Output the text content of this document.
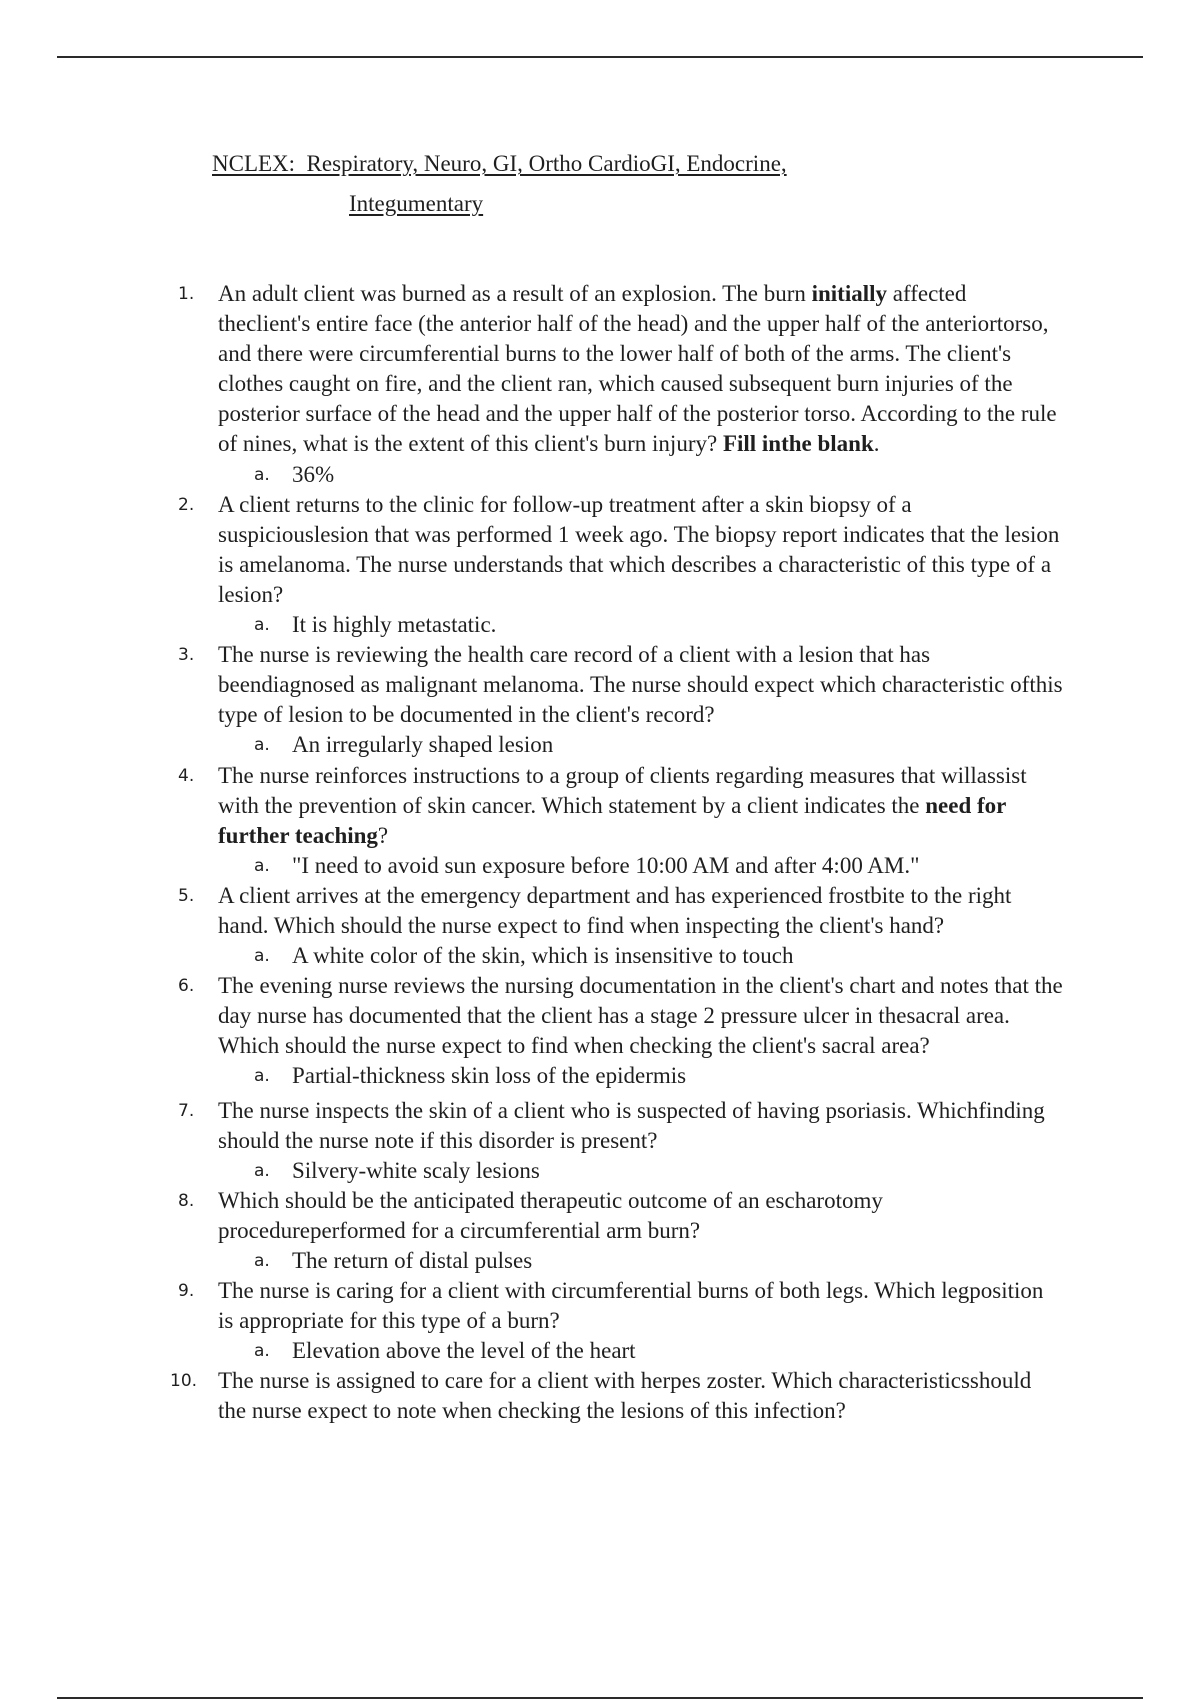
NCLEX:  Respiratory, Neuro, GI, Ortho CardioGI, Endocrine,
Integumentary
1.	An adult client was burned as a result of an explosion. The burn initially affected theclient's entire face (the anterior half of the head) and the upper half of the anteriortorso, and there were circumferential burns to the lower half of both of the arms. The client's clothes caught on fire, and the client ran, which caused subsequent burn injuries of the posterior surface of the head and the upper half of the posterior torso. According to the rule of nines, what is the extent of this client's burn injury? Fill inthe blank.
a. 36%
2.	A client returns to the clinic for follow-up treatment after a skin biopsy of a suspiciouslesion that was performed 1 week ago. The biopsy report indicates that the lesion is amelanoma. The nurse understands that which describes a characteristic of this type of a lesion?
a. It is highly metastatic.
3.	The nurse is reviewing the health care record of a client with a lesion that has beendiagnosed as malignant melanoma. The nurse should expect which characteristic ofthis type of lesion to be documented in the client's record?
a. An irregularly shaped lesion
4.	The nurse reinforces instructions to a group of clients regarding measures that willassist with the prevention of skin cancer. Which statement by a client indicates the need for further teaching?
a. "I need to avoid sun exposure before 10:00 AM and after 4:00 AM."
5.	A client arrives at the emergency department and has experienced frostbite to the right hand. Which should the nurse expect to find when inspecting the client's hand?
a. A white color of the skin, which is insensitive to touch
6.	The evening nurse reviews the nursing documentation in the client's chart and notes that the day nurse has documented that the client has a stage 2 pressure ulcer in thesacral area. Which should the nurse expect to find when checking the client's sacral area?
a. Partial-thickness skin loss of the epidermis
7.	The nurse inspects the skin of a client who is suspected of having psoriasis. Whichfinding should the nurse note if this disorder is present?
a. Silvery-white scaly lesions
8.	Which should be the anticipated therapeutic outcome of an escharotomy procedureperformed for a circumferential arm burn?
a. The return of distal pulses
9.	The nurse is caring for a client with circumferential burns of both legs. Which legposition is appropriate for this type of a burn?
a. Elevation above the level of the heart
10. The nurse is assigned to care for a client with herpes zoster. Which characteristicsshould the nurse expect to note when checking the lesions of this infection?
